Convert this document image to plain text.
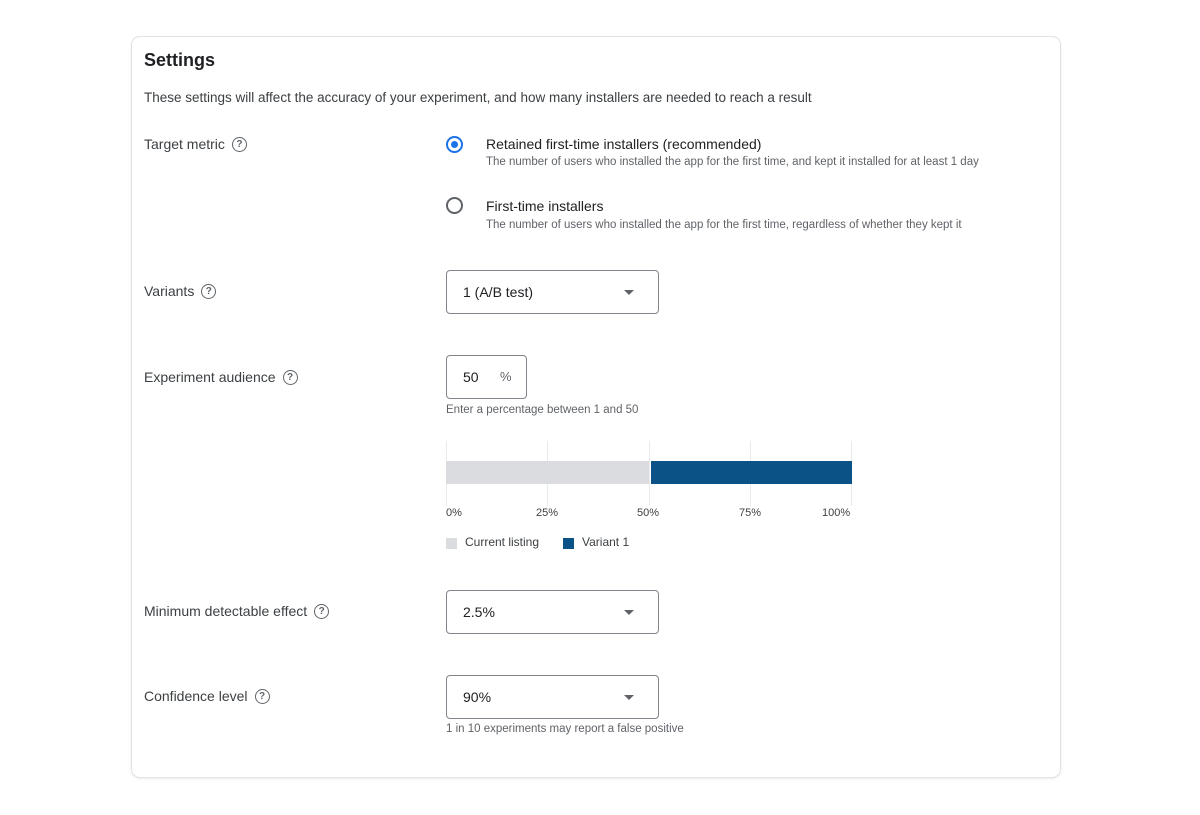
Settings
These settings will affect the accuracy of your experiment, and how many installers are needed to reach a result
Target metric	?	Retained first-time installers (recommended)
The number of users who installed the app for the first time, and kept it installed for at least 1 day
First-time installers
The number of users who installed the app for the first time, regardless of whether they kept it
Variants	?	1 (A/B test)
Experiment audience	?	50 %
Enter a percentage between 1 and 50
0%	25%	50%	75%	100%
Current listing	Variant 1
Minimum detectable effect	?	2.5%
Confidence level	?	90%
1 in 10 experiments may report a false positive
